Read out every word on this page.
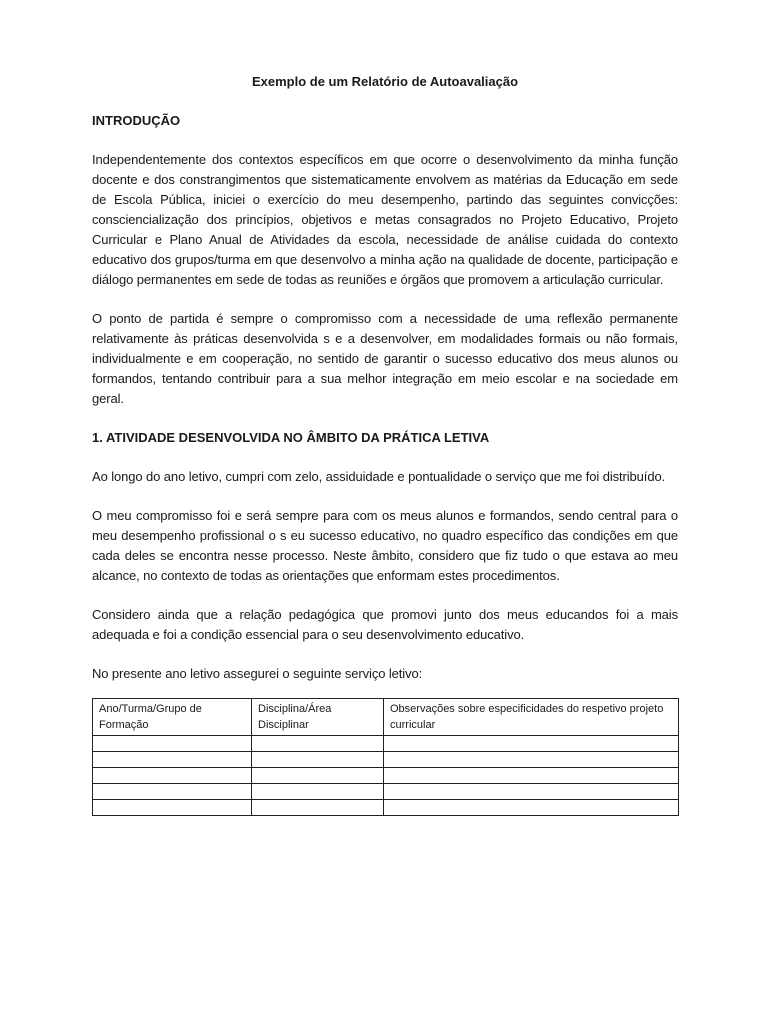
Exemplo de um Relatório de Autoavaliação
INTRODUÇÃO

Independentemente dos contextos específicos em que ocorre o desenvolvimento da minha função docente e dos constrangimentos que sistematicamente envolvem as matérias da Educação em sede de Escola Pública, iniciei o exercício do meu desempenho, partindo das seguintes convicções: consciencialização dos princípios, objetivos e metas consagrados no Projeto Educativo, Projeto Curricular e Plano Anual de Atividades da escola, necessidade de análise cuidada do contexto educativo dos grupos/turma em que desenvolvo a minha ação na qualidade de docente, participação e diálogo permanentes em sede de todas as reuniões e órgãos que promovem a articulação curricular.

O ponto de partida é sempre o compromisso com a necessidade de uma reflexão permanente relativamente às práticas desenvolvida s e a desenvolver, em modalidades formais ou não formais, individualmente e em cooperação, no sentido de garantir o sucesso educativo dos meus alunos ou formandos, tentando contribuir para a sua melhor integração em meio escolar e na sociedade em geral.

1. ATIVIDADE DESENVOLVIDA NO ÂMBITO DA PRÁTICA LETIVA

Ao longo do ano letivo, cumpri com zelo, assiduidade e pontualidade o serviço que me foi distribuído.

O meu compromisso foi e será sempre para com os meus alunos e formandos, sendo central para o meu desempenho profissional o s eu sucesso educativo, no quadro específico das condições em que cada deles se encontra nesse processo. Neste âmbito, considero que fiz tudo o que estava ao meu alcance, no contexto de todas as orientações que enformam estes procedimentos.

Considero ainda que a relação pedagógica que promovi junto dos meus educandos foi a mais adequada e foi a condição essencial para o seu desenvolvimento educativo.

No presente ano letivo assegurei o seguinte serviço letivo:

Ano/Turma/Grupo de Formação	Disciplina/Área Disciplinar	Observações sobre especificidades do respetivo projeto curricular
